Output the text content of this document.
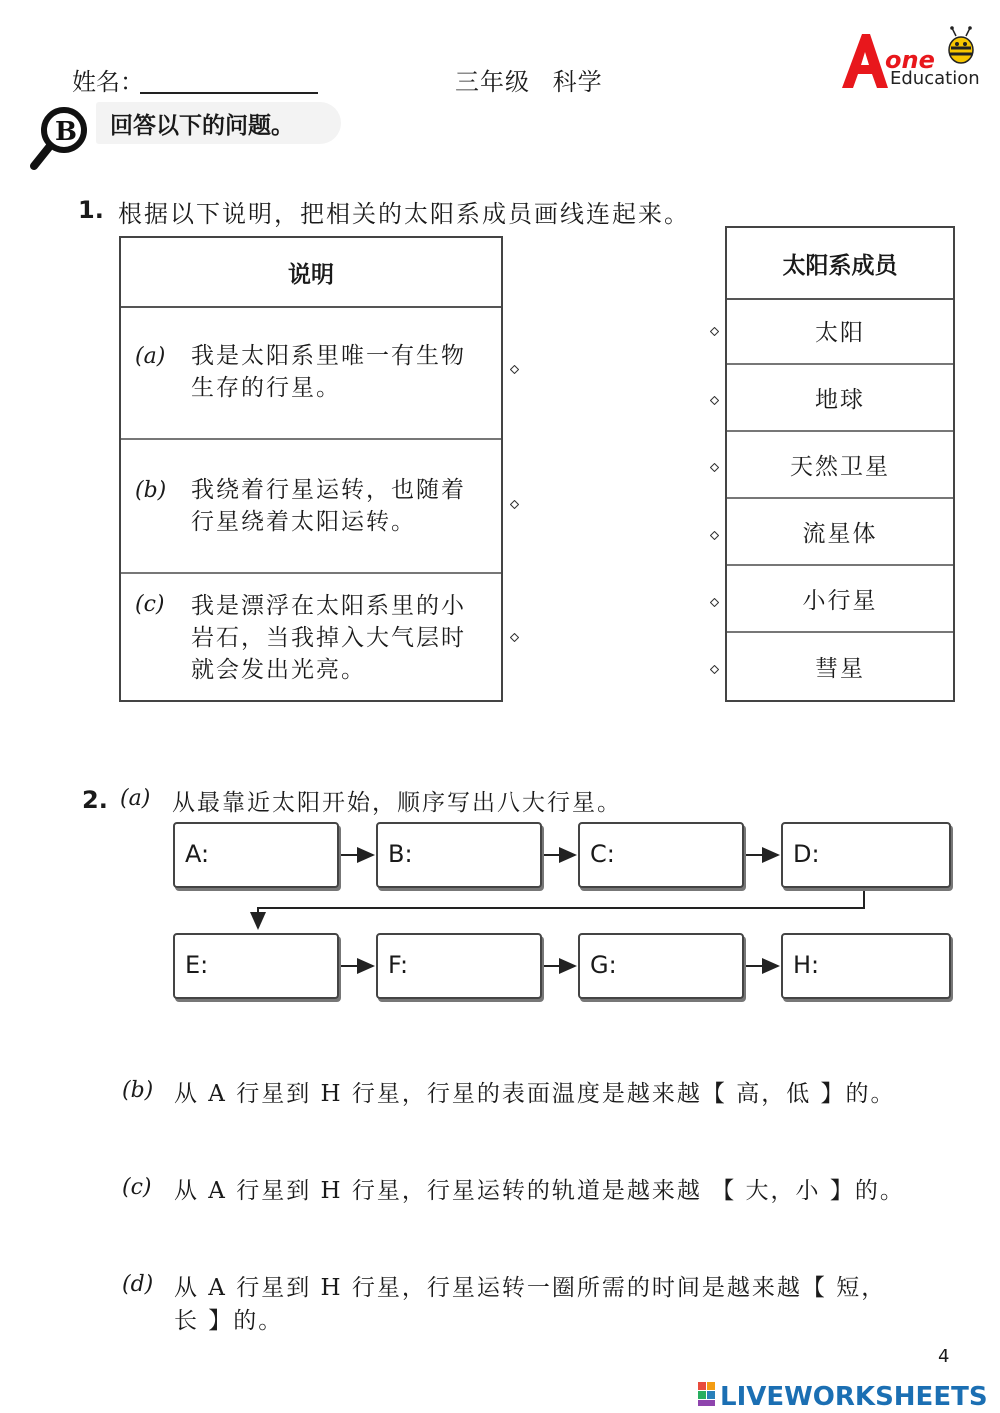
姓名：	三年级 科学
one
Education
B 回答以下的问题。
1. 根据以下说明，把相关的太阳系成员画线连起来。
说明
(a) 我是太阳系里唯一有生物
生存的行星。
(b) 我绕着行星运转，也随着
行星绕着太阳运转。
(c) 我是漂浮在太阳系里的小
岩石，当我掉入大气层时
就会发出光亮。
太阳系成员
太阳
地球
天然卫星
流星体
小行星
彗星
2. (a) 从最靠近太阳开始，顺序写出八大行星。
A:	B:	C:	D:
E:	F:	G:	H:
(b) 从 A 行星到 H 行星，行星的表面温度是越来越【 高，低 】的。
(c) 从 A 行星到 H 行星，行星运转的轨道是越来越 【 大，小 】的。
(d) 从 A 行星到 H 行星，行星运转一圈所需的时间是越来越【 短，
长 】的。
4
LIVEWORKSHEETS
